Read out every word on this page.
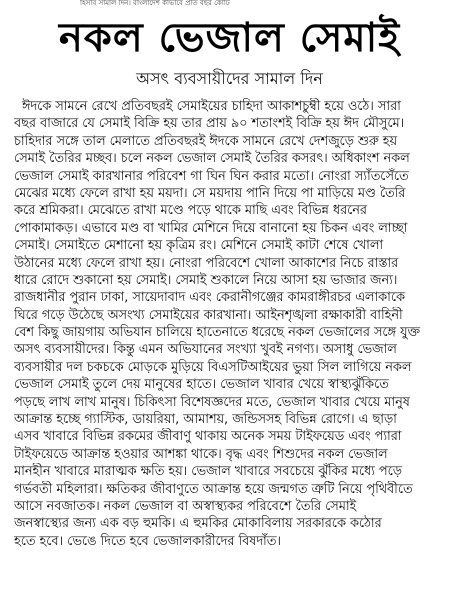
হিসাব সামাল দিন। বাংলাদেশ কীভাবে প্রতি বছর কোটি
নকল ভেজাল সেমাই
অসৎ ব্যবসায়ীদের সামাল দিন
ঈদকে সামনে রেখে প্রতিবছরই সেমাইয়ের চাহিদা আকাশচুম্বী হয়ে ওঠে। সারা
বছর বাজারে যে সেমাই বিক্রি হয় তার প্রায় ৯০ শতাংশই বিক্রি হয় ঈদ মৌসুমে।
চাহিদার সঙ্গে তাল মেলাতে প্রতিবছরই ঈদকে সামনে রেখে দেশজুড়ে শুরু হয়
সেমাই তৈরির মচ্ছব। চলে নকল ভেজাল সেমাই তৈরির কসরৎ। অধিকাংশ নকল
ভেজাল সেমাই কারখানার পরিবেশ গা ঘিন ঘিন করার মতো। নোংরা স্যাঁতসেঁতে
মেঝের মধ্যে ফেলে রাখা হয় ময়দা। সে ময়দায় পানি দিয়ে পা মাড়িয়ে মণ্ড তৈরি
করে শ্রমিকরা। মেঝেতে রাখা মণ্ডে পড়ে থাকে মাছি এবং বিভিন্ন ধরনের
পোকামাকড়। এভাবে মণ্ড বা খামির মেশিনে দিয়ে বানানো হয় চিকন এবং লাচ্ছা
সেমাই। সেমাইতে মেশানো হয় কৃত্রিম রং। মেশিনে সেমাই কাটা শেষে খোলা
উঠানের মধ্যে ফেলে রাখা হয়। নোংরা পরিবেশে খোলা আকাশের নিচে রাস্তার
ধারে রোদে শুকানো হয় সেমাই। সেমাই শুকালে নিয়ে আসা হয় ভাজার জন্য।
রাজধানীর পুরান ঢাকা, সায়েদাবাদ এবং কেরানীগঞ্জের কামরাঙ্গীরচর এলাকাকে
ঘিরে গড়ে উঠেছে অসংখ্য সেমাইয়ের কারখানা। আইনশৃঙ্খলা রক্ষাকারী বাহিনী
বেশ কিছু জায়গায় অভিযান চালিয়ে হাতেনাতে ধরেছে নকল ভেজালের সঙ্গে যুক্ত
অসৎ ব্যবসায়ীদের। কিন্তু এমন অভিযানের সংখ্যা খুবই নগণ্য। অসাধু ভেজাল
ব্যবসায়ীর দল চকচকে মোড়কে মুড়িয়ে বিএসটিআইয়ের ভুয়া সিল লাগিয়ে নকল
ভেজাল সেমাই তুলে দেয় মানুষের হাতে। ভেজাল খাবার খেয়ে স্বাস্থ্যঝুঁকিতে
পড়ছে লাখ লাখ মানুষ। চিকিৎসা বিশেষজ্ঞদের মতে, ভেজাল খাবার খেয়ে মানুষ
আক্রান্ত হচ্ছে গ্যাস্টিক, ডায়রিয়া, আমাশয়, জন্ডিসসহ বিভিন্ন রোগে। এ ছাড়া
এসব খাবারে বিভিন্ন রকমের জীবাণু থাকায় অনেক সময় টাইফয়েড এবং প্যারা
টাইফয়েডে আক্রান্ত হওয়ার আশঙ্কা থাকে। বৃদ্ধ এবং শিশুদের নকল ভেজাল
মানহীন খাবারে মারাত্মক ক্ষতি হয়। ভেজাল খাবারে সবচেয়ে ঝুঁকির মধ্যে পড়ে
গর্ভবতী মহিলারা। ক্ষতিকর জীবাণুতে আক্রান্ত হয়ে জন্মগত ত্রুটি নিয়ে পৃথিবীতে
আসে নবজাতক। নকল ভেজাল বা অস্বাস্থ্যকর পরিবেশে তৈরি সেমাই
জনস্বাস্থ্যের জন্য এক বড় হুমকি। এ হুমকির মোকাবিলায় সরকারকে কঠোর
হতে হবে। ভেঙে দিতে হবে ভেজালকারীদের বিষদাঁত।
